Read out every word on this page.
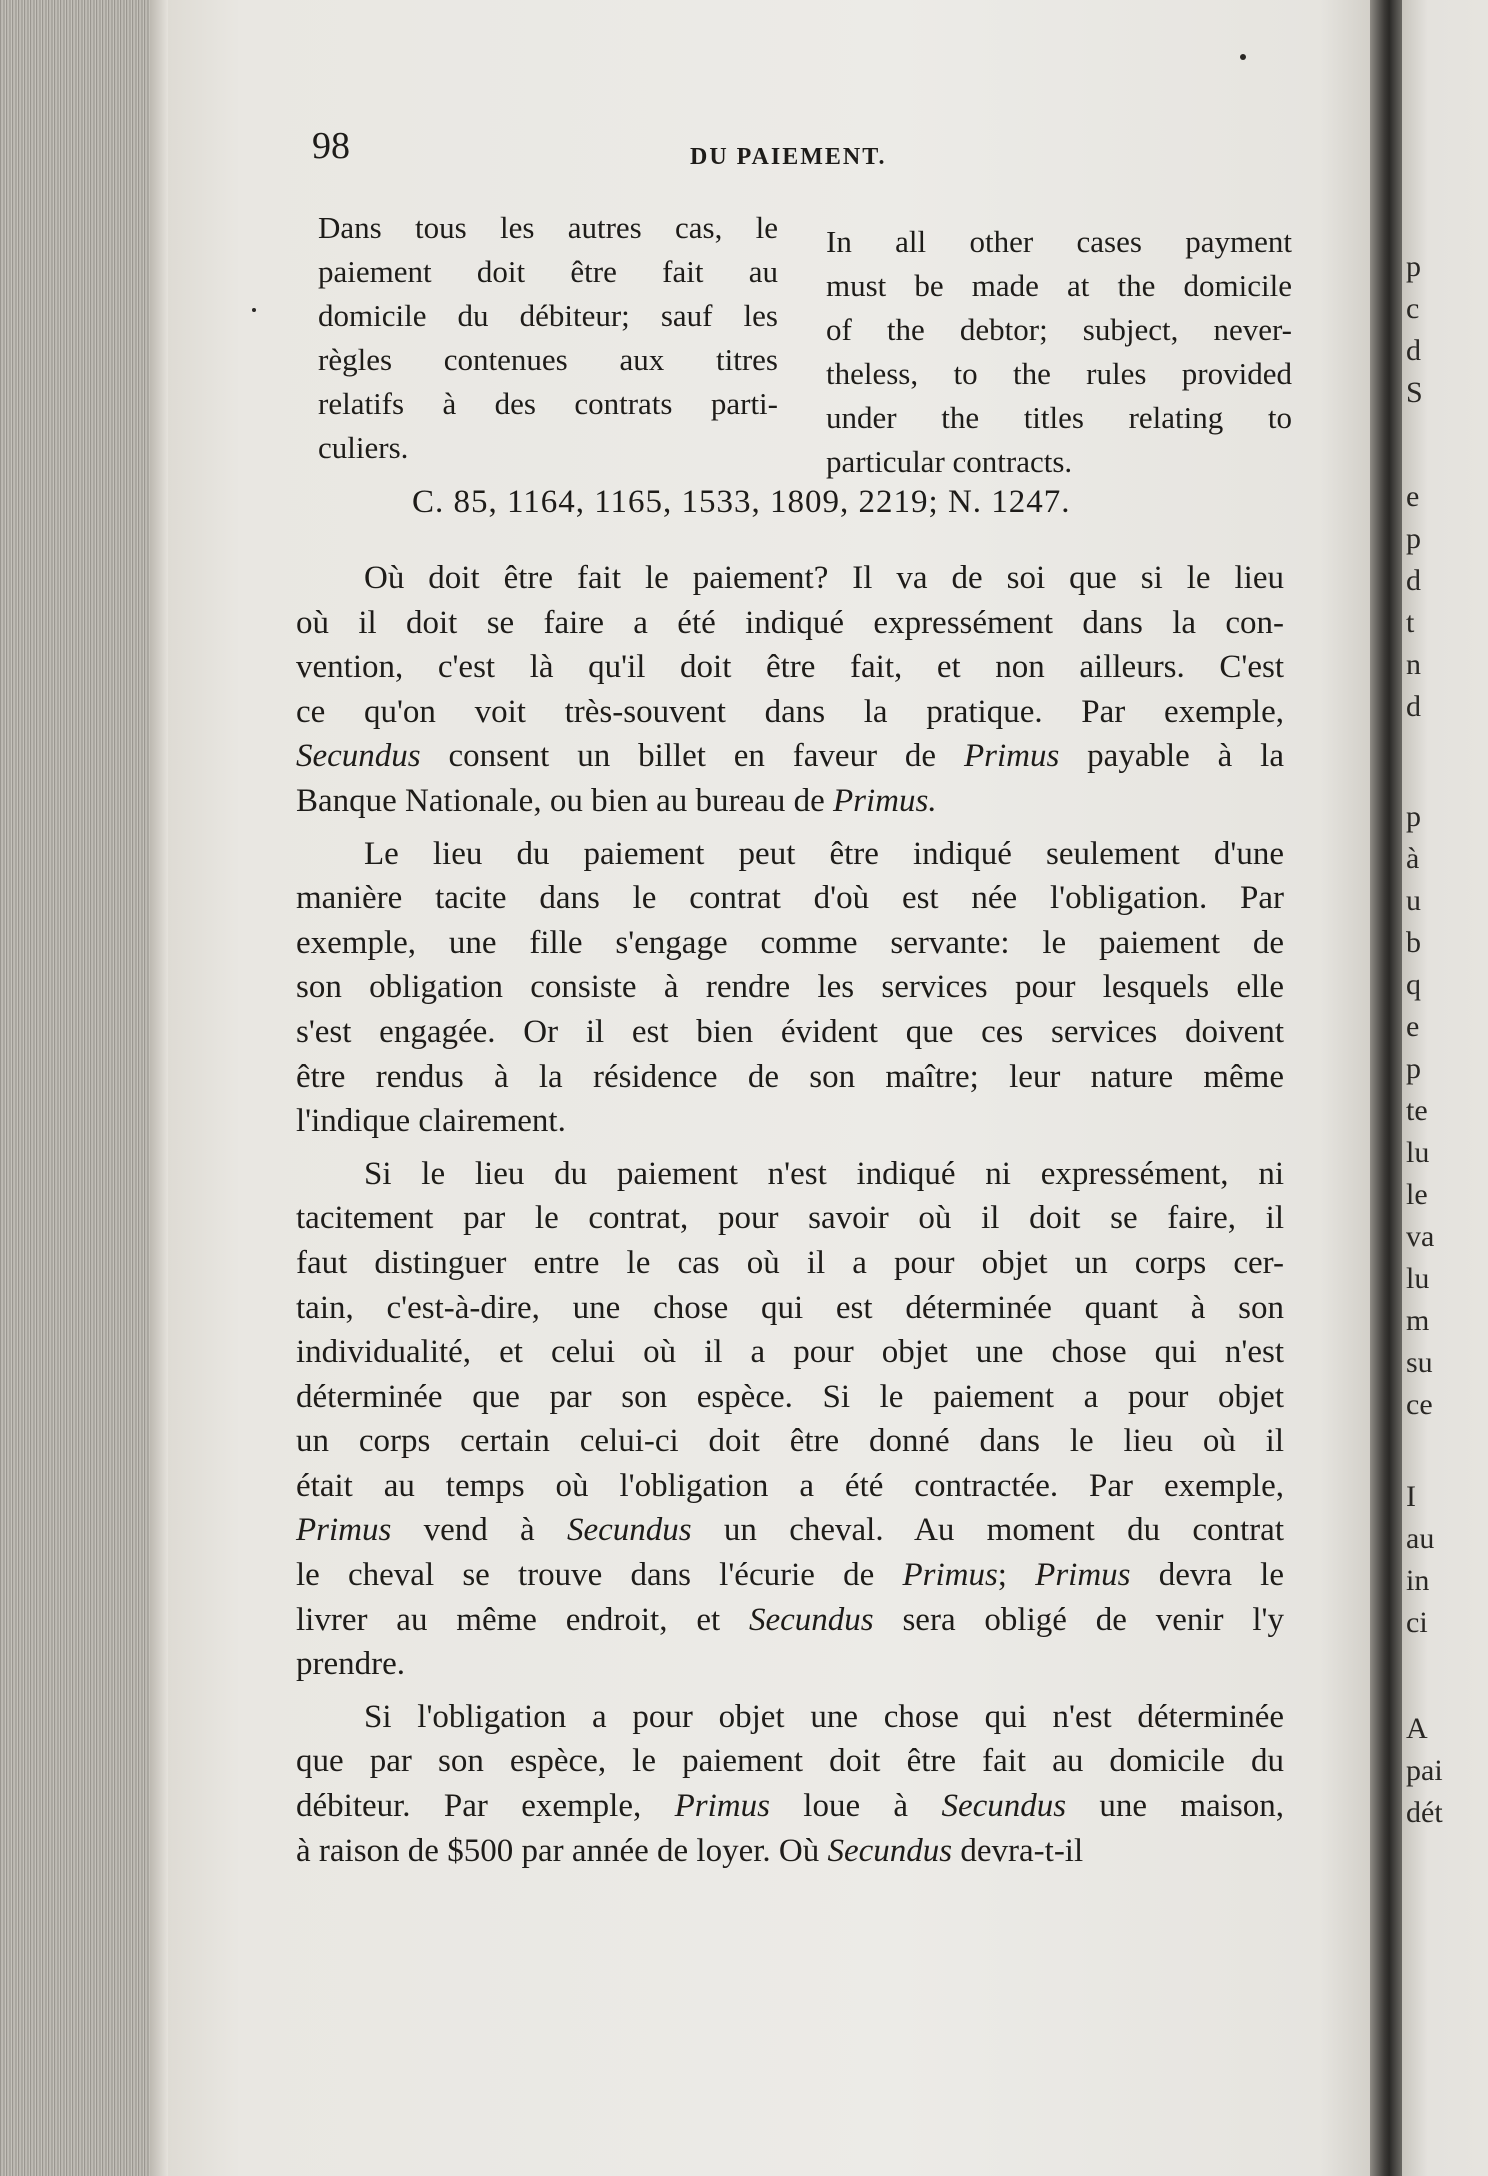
98	DU PAIEMENT.
Dans tous les autres cas, le
paiement doit être fait au
domicile du débiteur; sauf les
règles contenues aux titres
relatifs à des contrats parti-
culiers.
In all other cases payment
must be made at the domicile
of the debtor; subject, never-
theless, to the rules provided
under the titles relating to
particular contracts.
C. 85, 1164, 1165, 1533, 1809, 2219; N. 1247.
Où doit être fait le paiement? Il va de soi que si le lieu
où il doit se faire a été indiqué expressément dans la con-
vention, c'est là qu'il doit être fait, et non ailleurs. C'est
ce qu'on voit très-souvent dans la pratique. Par exemple,
Secundus consent un billet en faveur de Primus payable à la
Banque Nationale, ou bien au bureau de Primus.
Le lieu du paiement peut être indiqué seulement d'une
manière tacite dans le contrat d'où est née l'obligation. Par
exemple, une fille s'engage comme servante: le paiement de
son obligation consiste à rendre les services pour lesquels elle
s'est engagée. Or il est bien évident que ces services doivent
être rendus à la résidence de son maître; leur nature même
l'indique clairement.
Si le lieu du paiement n'est indiqué ni expressément, ni
tacitement par le contrat, pour savoir où il doit se faire, il
faut distinguer entre le cas où il a pour objet un corps cer-
tain, c'est-à-dire, une chose qui est déterminée quant à son
individualité, et celui où il a pour objet une chose qui n'est
déterminée que par son espèce. Si le paiement a pour objet
un corps certain celui-ci doit être donné dans le lieu où il
était au temps où l'obligation a été contractée. Par exemple,
Primus vend à Secundus un cheval. Au moment du contrat
le cheval se trouve dans l'écurie de Primus; Primus devra le
livrer au même endroit, et Secundus sera obligé de venir l'y
prendre.
Si l'obligation a pour objet une chose qui n'est déterminée
que par son espèce, le paiement doit être fait au domicile du
débiteur. Par exemple, Primus loue à Secundus une maison,
à raison de $500 par année de loyer. Où Secundus devra-t-il
p
c
d
S
e
p
d
t
n
d
p
à
u
b
q
e
p
te
lu
le
va
lu
m
su
ce
I
au
in
ci
A
pai
dét
